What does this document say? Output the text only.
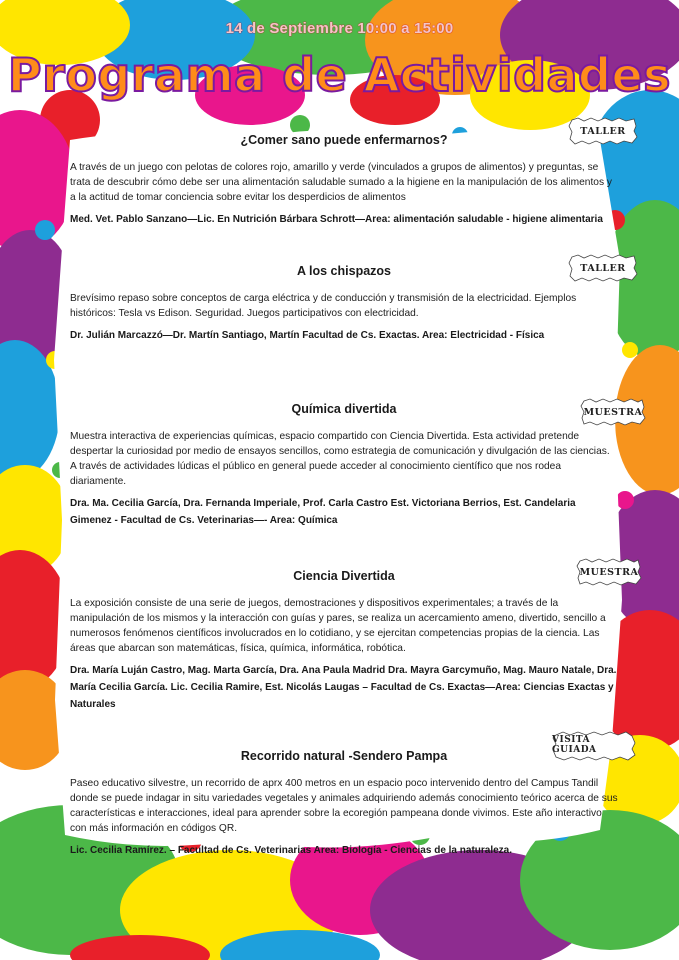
14 de Septiembre 10:00 a 15:00
Programa de Actividades
TALLER
¿Comer sano puede enfermarnos?

A través de un juego con pelotas de colores rojo, amarillo y verde (vinculados a grupos de alimentos) y preguntas, se trata de descubrir cómo debe ser una alimentación saludable sumado a la higiene en la manipulación de los alimentos y a la actitud de tomar conciencia sobre evitar los desperdicios de alimentos

Med. Vet. Pablo Sanzano—Lic. En Nutrición Bárbara Schrott—Area: alimentación saludable - higiene alimentaria

TALLER
A los chispazos

Brevísimo repaso sobre conceptos de carga eléctrica y de conducción y transmisión de la electricidad. Ejemplos históricos: Tesla vs Edison. Seguridad. Juegos participativos con electricidad.

Dr. Julián Marcazzó—Dr. Martín Santiago, Martín Facultad de Cs. Exactas. Area: Electricidad - Física

MUESTRA
Química divertida

Muestra interactiva de experiencias químicas, espacio compartido con Ciencia Divertida. Esta actividad pretende despertar la curiosidad por medio de ensayos sencillos, como estrategia de comunicación y divulgación de las ciencias. A través de actividades lúdicas el público en general puede acceder al conocimiento científico que nos rodea diariamente.

Dra. Ma. Cecilia García, Dra. Fernanda Imperiale, Prof. Carla Castro Est. Victoriana Berrios, Est. Candelaria Gimenez - Facultad de Cs. Veterinarias—- Area: Química

MUESTRA
Ciencia Divertida

La exposición consiste de una serie de juegos, demostraciones y dispositivos experimentales; a través de la manipulación de los mismos y la interacción con guías y pares, se realiza un acercamiento ameno, divertido, sencillo a numerosos fenómenos científicos involucrados en lo cotidiano, y se ejercitan competencias propias de la ciencia. Las áreas que abarcan son matemáticas, física, química, informática, robótica.

Dra. María Luján Castro, Mag. Marta García, Dra. Ana Paula Madrid Dra. Mayra Garcymuño, Mag. Mauro Natale, Dra. María Cecilia García. Lic. Cecilia Ramire, Est. Nicolás Laugas – Facultad de Cs. Exactas—Area: Ciencias Exactas y Naturales

VISITA GUIADA
Recorrido natural -Sendero Pampa

Paseo educativo silvestre, un recorrido de aprx 400 metros en un espacio poco intervenido dentro del Campus Tandil donde se puede indagar in situ variedades vegetales y animales adquiriendo además conocimiento teórico acerca de sus características e interacciones, ideal para aprender sobre la ecoregión pampeana donde vivimos. Este año interactivo con más información en códigos QR.

Lic. Cecilia Ramírez. – Facultad de Cs. Veterinarias Area: Biología - Ciencias de la naturaleza.
